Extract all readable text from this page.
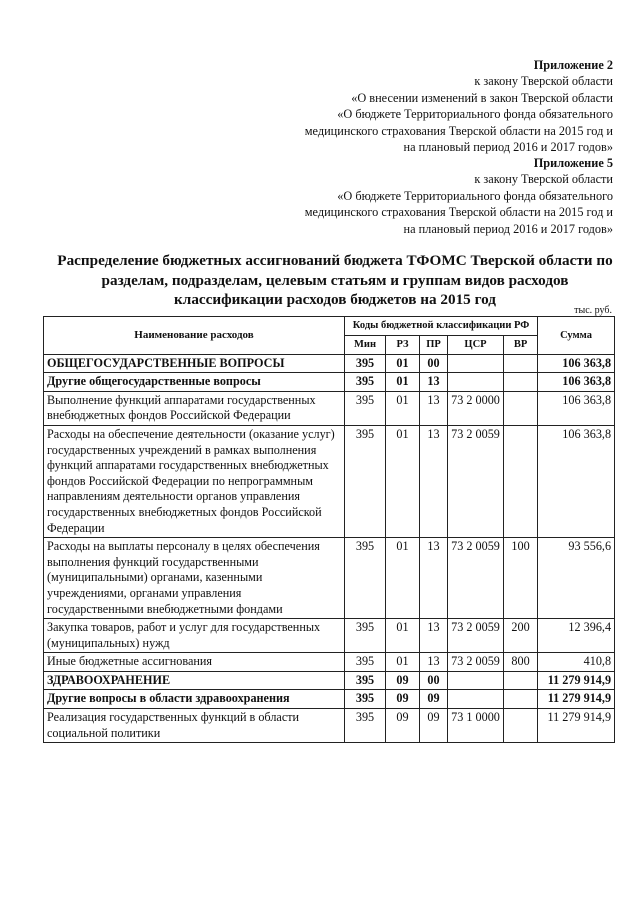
Приложение 2
к закону Тверской области
«О внесении изменений в закон Тверской области
«О бюджете Территориального фонда обязательного
медицинского страхования Тверской области на 2015 год и
на плановый период 2016 и 2017 годов»
Приложение 5
к закону Тверской области
«О бюджете Территориального фонда обязательного
медицинского страхования Тверской области на 2015 год и
на плановый период 2016 и 2017 годов»
Распределение бюджетных ассигнований бюджета ТФОМС Тверской области по
разделам, подразделам, целевым статьям и группам видов расходов
классификации расходов бюджетов на 2015 год
тыс. руб.
Наименование расходов	Коды бюджетной классификации РФ					Сумма
	Мин	РЗ	ПР	ЦСР	ВР	
ОБЩЕГОСУДАРСТВЕННЫЕ ВОПРОСЫ	395	01	00			106 363,8
Другие общегосударственные вопросы	395	01	13			106 363,8
Выполнение функций аппаратами государственных внебюджетных фондов Российской Федерации	395	01	13	73 2 0000		106 363,8
Расходы на обеспечение деятельности (оказание услуг) государственных учреждений в рамках выполнения функций аппаратами государственных внебюджетных фондов Российской Федерации по непрограммным направлениям деятельности органов управления государственных внебюджетных фондов Российской Федерации	395	01	13	73 2 0059		106 363,8
Расходы на выплаты персоналу в целях обеспечения выполнения функций государственными (муниципальными) органами, казенными учреждениями, органами управления государственными внебюджетными фондами	395	01	13	73 2 0059	100	93 556,6
Закупка товаров, работ и услуг для государственных (муниципальных) нужд	395	01	13	73 2 0059	200	12 396,4
Иные бюджетные ассигнования	395	01	13	73 2 0059	800	410,8
ЗДРАВООХРАНЕНИЕ	395	09	00			11 279 914,9
Другие вопросы в области здравоохранения	395	09	09			11 279 914,9
Реализация государственных функций в области социальной политики	395	09	09	73 1 0000		11 279 914,9
